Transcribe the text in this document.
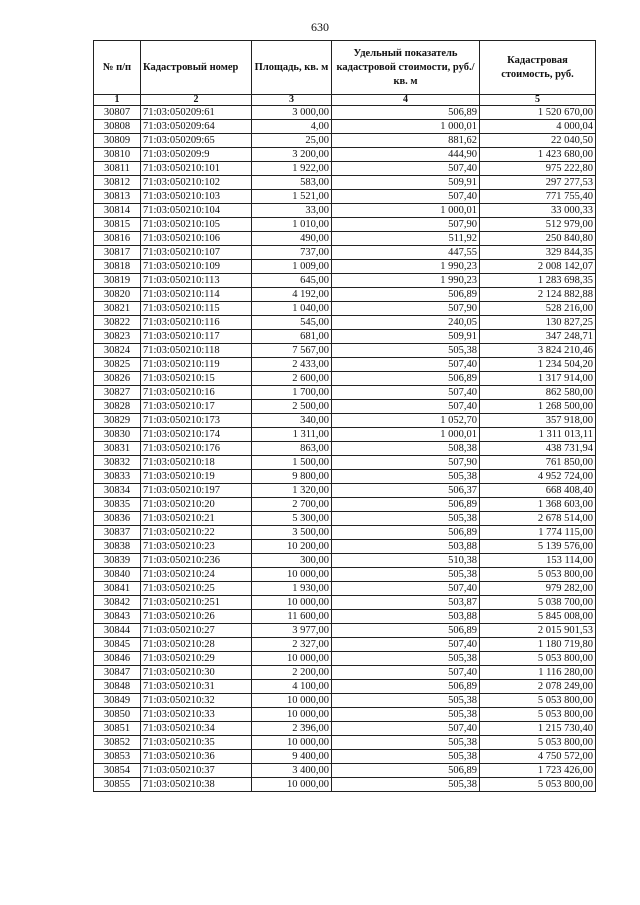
630
№ п/п	Кадастровый номер	Площадь, кв. м	Удельный показатель кадастровой стоимости, руб./кв. м	Кадастровая стоимость, руб.
1	2	3	4	5
30807	71:03:050209:61	3 000,00	506,89	1 520 670,00
30808	71:03:050209:64	4,00	1 000,01	4 000,04
30809	71:03:050209:65	25,00	881,62	22 040,50
30810	71:03:050209:9	3 200,00	444,90	1 423 680,00
30811	71:03:050210:101	1 922,00	507,40	975 222,80
30812	71:03:050210:102	583,00	509,91	297 277,53
30813	71:03:050210:103	1 521,00	507,40	771 755,40
30814	71:03:050210:104	33,00	1 000,01	33 000,33
30815	71:03:050210:105	1 010,00	507,90	512 979,00
30816	71:03:050210:106	490,00	511,92	250 840,80
30817	71:03:050210:107	737,00	447,55	329 844,35
30818	71:03:050210:109	1 009,00	1 990,23	2 008 142,07
30819	71:03:050210:113	645,00	1 990,23	1 283 698,35
30820	71:03:050210:114	4 192,00	506,89	2 124 882,88
30821	71:03:050210:115	1 040,00	507,90	528 216,00
30822	71:03:050210:116	545,00	240,05	130 827,25
30823	71:03:050210:117	681,00	509,91	347 248,71
30824	71:03:050210:118	7 567,00	505,38	3 824 210,46
30825	71:03:050210:119	2 433,00	507,40	1 234 504,20
30826	71:03:050210:15	2 600,00	506,89	1 317 914,00
30827	71:03:050210:16	1 700,00	507,40	862 580,00
30828	71:03:050210:17	2 500,00	507,40	1 268 500,00
30829	71:03:050210:173	340,00	1 052,70	357 918,00
30830	71:03:050210:174	1 311,00	1 000,01	1 311 013,11
30831	71:03:050210:176	863,00	508,38	438 731,94
30832	71:03:050210:18	1 500,00	507,90	761 850,00
30833	71:03:050210:19	9 800,00	505,38	4 952 724,00
30834	71:03:050210:197	1 320,00	506,37	668 408,40
30835	71:03:050210:20	2 700,00	506,89	1 368 603,00
30836	71:03:050210:21	5 300,00	505,38	2 678 514,00
30837	71:03:050210:22	3 500,00	506,89	1 774 115,00
30838	71:03:050210:23	10 200,00	503,88	5 139 576,00
30839	71:03:050210:236	300,00	510,38	153 114,00
30840	71:03:050210:24	10 000,00	505,38	5 053 800,00
30841	71:03:050210:25	1 930,00	507,40	979 282,00
30842	71:03:050210:251	10 000,00	503,87	5 038 700,00
30843	71:03:050210:26	11 600,00	503,88	5 845 008,00
30844	71:03:050210:27	3 977,00	506,89	2 015 901,53
30845	71:03:050210:28	2 327,00	507,40	1 180 719,80
30846	71:03:050210:29	10 000,00	505,38	5 053 800,00
30847	71:03:050210:30	2 200,00	507,40	1 116 280,00
30848	71:03:050210:31	4 100,00	506,89	2 078 249,00
30849	71:03:050210:32	10 000,00	505,38	5 053 800,00
30850	71:03:050210:33	10 000,00	505,38	5 053 800,00
30851	71:03:050210:34	2 396,00	507,40	1 215 730,40
30852	71:03:050210:35	10 000,00	505,38	5 053 800,00
30853	71:03:050210:36	9 400,00	505,38	4 750 572,00
30854	71:03:050210:37	3 400,00	506,89	1 723 426,00
30855	71:03:050210:38	10 000,00	505,38	5 053 800,00
